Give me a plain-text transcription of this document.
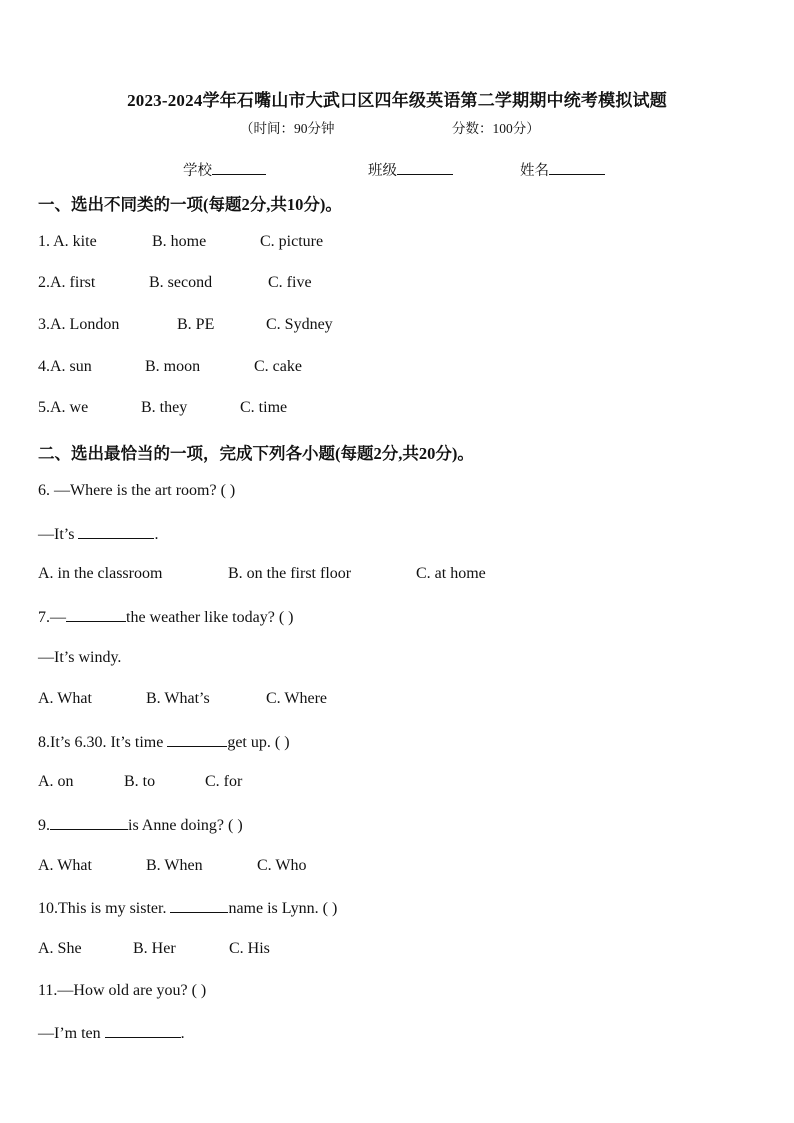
2023-2024学年石嘴山市大武口区四年级英语第二学期期中统考模拟试题
（时间：90分钟	分数：100分）
学校	班级	姓名
一、选出不同类的一项(每题2分,共10分)。
1. A. kite	B. home	C. picture
2.A. first	B. second	C. five
3.A. London	B. PE	C. Sydney
4.A. sun	B. moon	C. cake
5.A. we	B. they	C. time
二、选出最恰当的一项，完成下列各小题(每题2分,共20分)。
6. —Where is the art room? ( )
—It’s	.
A. in the classroom	B. on the first floor	C. at home
7.—	the weather like today? ( )
—It’s windy.
A. What	B. What’s	C. Where
8.It’s 6.30. It’s time	get up. ( )
A. on	B. to	C. for
9.	is Anne doing? ( )
A. What	B. When	C. Who
10.This is my sister.	name is Lynn. ( )
A. She	B. Her	C. His
11.—How old are you? ( )
—I’m ten	.
